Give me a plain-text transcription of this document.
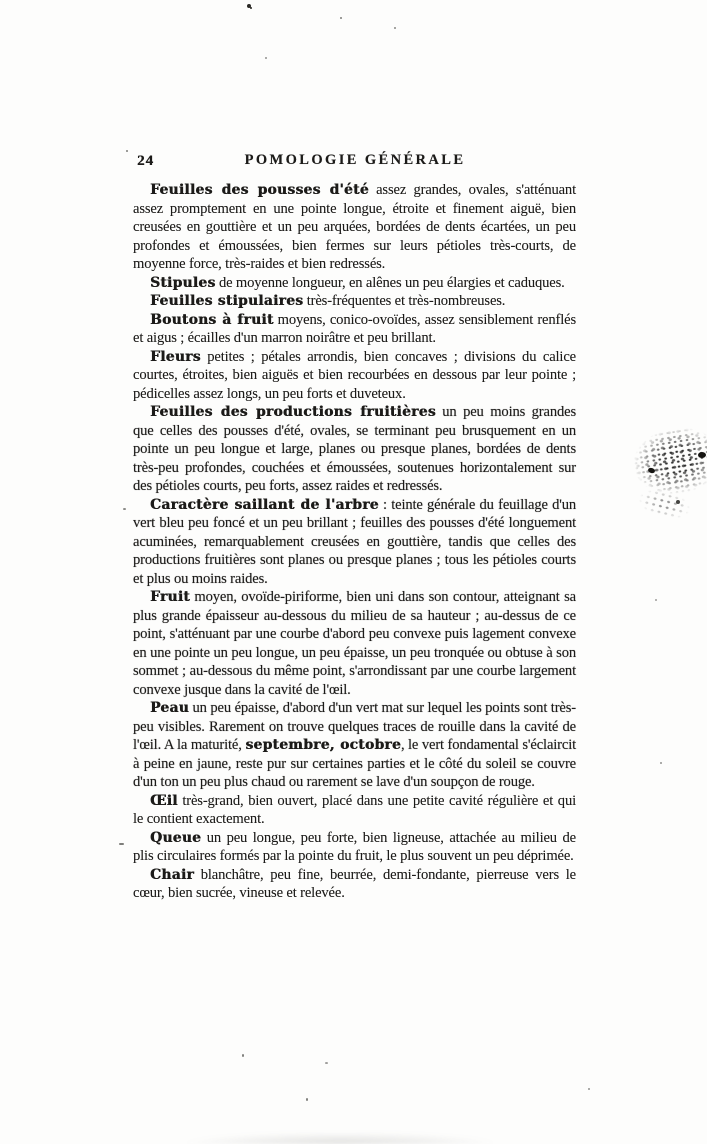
24	POMOLOGIE GÉNÉRALE

Feuilles des pousses d'été assez grandes, ovales, s'atténuant assez promptement en une pointe longue, étroite et finement aiguë, bien creusées en gouttière et un peu arquées, bordées de dents écartées, un peu profondes et émoussées, bien fermes sur leurs pétioles très-courts, de moyenne force, très-raides et bien redressés.

Stipules de moyenne longueur, en alênes un peu élargies et caduques.

Feuilles stipulaires très-fréquentes et très-nombreuses.

Boutons à fruit moyens, conico-ovoïdes, assez sensiblement renflés et aigus ; écailles d'un marron noirâtre et peu brillant.

Fleurs petites ; pétales arrondis, bien concaves ; divisions du calice courtes, étroites, bien aiguës et bien recourbées en dessous par leur pointe ; pédicelles assez longs, un peu forts et duveteux.

Feuilles des productions fruitières un peu moins grandes que celles des pousses d'été, ovales, se terminant peu brusquement en un pointe un peu longue et large, planes ou presque planes, bordées de dents très-peu profondes, couchées et émoussées, soutenues horizontalement sur des pétioles courts, peu forts, assez raides et redressés.

Caractère saillant de l'arbre : teinte générale du feuillage d'un vert bleu peu foncé et un peu brillant ; feuilles des pousses d'été longuement acuminées, remarquablement creusées en gouttière, tandis que celles des productions fruitières sont planes ou presque planes ; tous les pétioles courts et plus ou moins raides.

Fruit moyen, ovoïde-piriforme, bien uni dans son contour, atteignant sa plus grande épaisseur au-dessous du milieu de sa hauteur ; au-dessus de ce point, s'atténuant par une courbe d'abord peu convexe puis lagement convexe en une pointe un peu longue, un peu épaisse, un peu tronquée ou obtuse à son sommet ; au-dessous du même point, s'arrondissant par une courbe largement convexe jusque dans la cavité de l'œil.

Peau un peu épaisse, d'abord d'un vert mat sur lequel les points sont très-peu visibles. Rarement on trouve quelques traces de rouille dans la cavité de l'œil. A la maturité, septembre, octobre, le vert fondamental s'éclaircit à peine en jaune, reste pur sur certaines parties et le côté du soleil se couvre d'un ton un peu plus chaud ou rarement se lave d'un soupçon de rouge.

Œil très-grand, bien ouvert, placé dans une petite cavité régulière et qui le contient exactement.

Queue un peu longue, peu forte, bien ligneuse, attachée au milieu de plis circulaires formés par la pointe du fruit, le plus souvent un peu déprimée.

Chair blanchâtre, peu fine, beurrée, demi-fondante, pierreuse vers le cœur, bien sucrée, vineuse et relevée.
